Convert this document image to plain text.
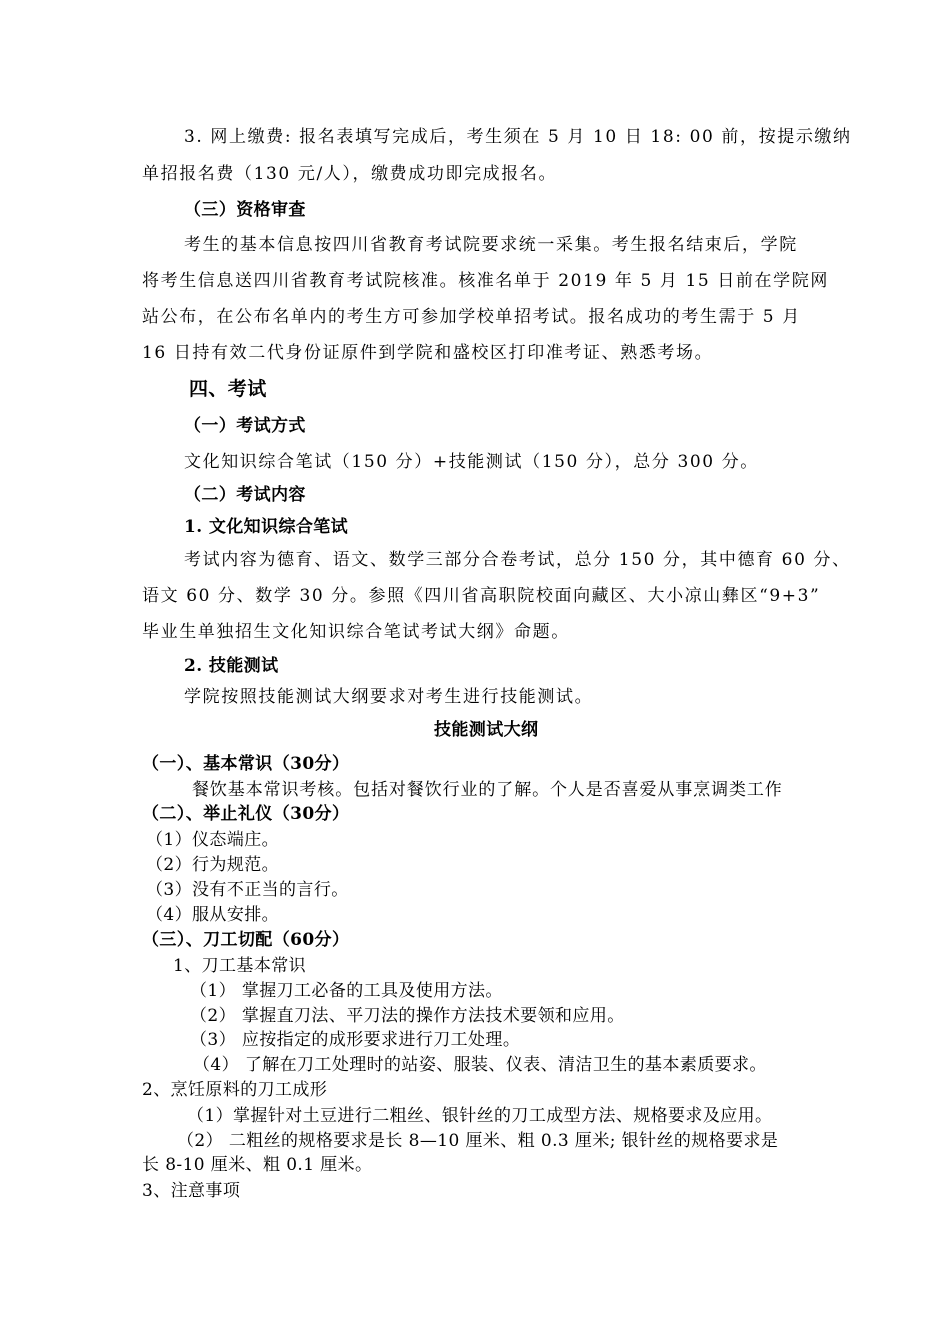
3. 网上缴费: 报名表填写完成后，考生须在 5 月 10 日 18: 00 前，按提示缴纳
单招报名费（130 元/人），缴费成功即完成报名。
（三）资格审查
考生的基本信息按四川省教育考试院要求统一采集。考生报名结束后，学院
将考生信息送四川省教育考试院核准。核准名单于 2019 年 5 月 15 日前在学院网
站公布，在公布名单内的考生方可参加学校单招考试。报名成功的考生需于 5 月
16 日持有效二代身份证原件到学院和盛校区打印准考证、熟悉考场。
四、考试
（一）考试方式
文化知识综合笔试（150 分）+技能测试（150 分），总分 300 分。
（二）考试内容
1. 文化知识综合笔试
考试内容为德育、语文、数学三部分合卷考试，总分 150 分，其中德育 60 分、
语文 60 分、数学 30 分。参照《四川省高职院校面向藏区、大小凉山彝区“9+3”
毕业生单独招生文化知识综合笔试考试大纲》命题。
2. 技能测试
学院按照技能测试大纲要求对考生进行技能测试。
技能测试大纲
（一）、基本常识（30分）
餐饮基本常识考核。包括对餐饮行业的了解。个人是否喜爱从事烹调类工作
（二）、举止礼仪（30分）
（1）仪态端庄。
（2）行为规范。
（3）没有不正当的言行。
（4）服从安排。
（三）、刀工切配（60分）
1、刀工基本常识
（1） 掌握刀工必备的工具及使用方法。
（2） 掌握直刀法、平刀法的操作方法技术要领和应用。
（3） 应按指定的成形要求进行刀工处理。
（4） 了解在刀工处理时的站姿、服装、仪表、清洁卫生的基本素质要求。
2、烹饪原料的刀工成形
（1）掌握针对土豆进行二粗丝、银针丝的刀工成型方法、规格要求及应用。
（2） 二粗丝的规格要求是长 8—10 厘米、粗 0.3 厘米; 银针丝的规格要求是
长 8-10 厘米、粗 0.1 厘米。
3、注意事项
